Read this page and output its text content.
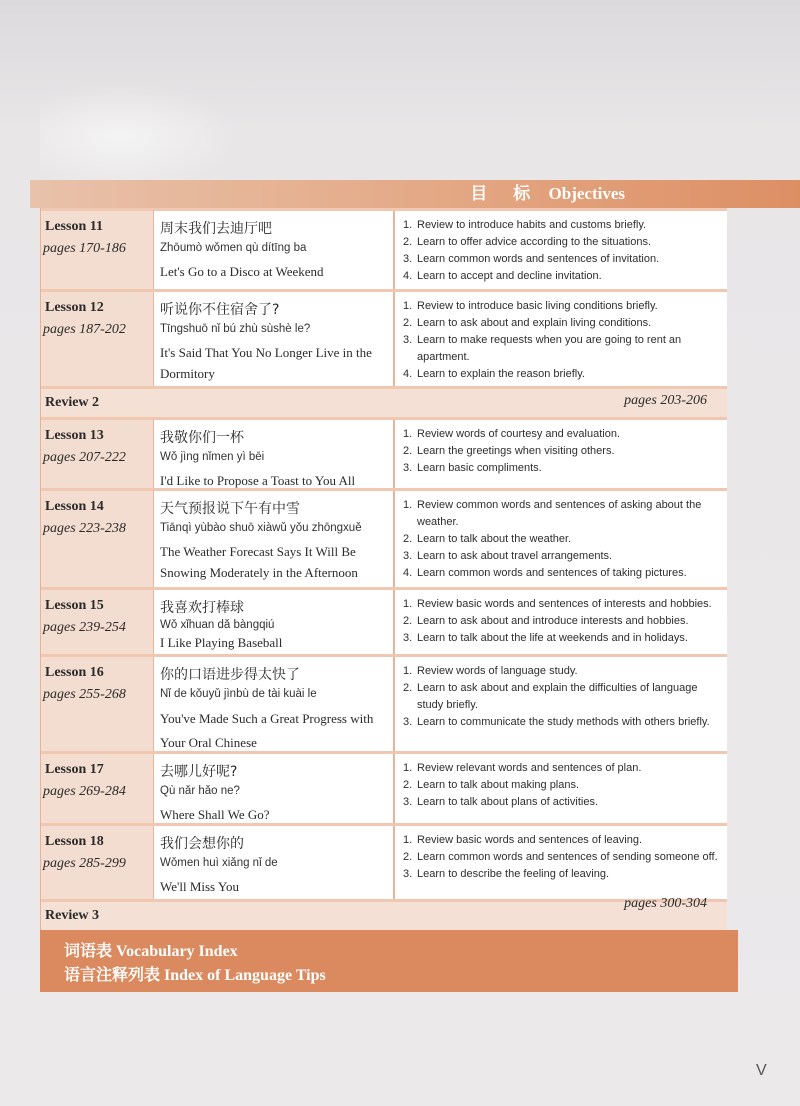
目 标 Objectives
Lesson 11
pages 170-186
周末我们去迪厅吧
Zhōumò wǒmen qù dítīng ba
Let's Go to a Disco at Weekend
1. Review to introduce habits and customs briefly.
2. Learn to offer advice according to the situations.
3. Learn common words and sentences of invitation.
4. Learn to accept and decline invitation.
Lesson 12
pages 187-202
听说你不住宿舍了?
Tīngshuō nǐ bú zhù sùshè le?
It's Said That You No Longer Live in the Dormitory
1. Review to introduce basic living conditions briefly.
2. Learn to ask about and explain living conditions.
3. Learn to make requests when you are going to rent an apartment.
4. Learn to explain the reason briefly.
Review 2	pages 203-206
Lesson 13
pages 207-222
我敬你们一杯
Wǒ jìng nǐmen yì bēi
I'd Like to Propose a Toast to You All
1. Review words of courtesy and evaluation.
2. Learn the greetings when visiting others.
3. Learn basic compliments.
Lesson 14
pages 223-238
天气预报说下午有中雪
Tiānqì yùbào shuō xiàwǔ yǒu zhōngxuě
The Weather Forecast Says It Will Be Snowing Moderately in the Afternoon
1. Review common words and sentences of asking about the weather.
2. Learn to talk about the weather.
3. Learn to ask about travel arrangements.
4. Learn common words and sentences of taking pictures.
Lesson 15
pages 239-254
我喜欢打棒球
Wǒ xǐhuan dǎ bàngqiú
I Like Playing Baseball
1. Review basic words and sentences of interests and hobbies.
2. Learn to ask about and introduce interests and hobbies.
3. Learn to talk about the life at weekends and in holidays.
Lesson 16
pages 255-268
你的口语进步得太快了
Nǐ de kǒuyǔ jìnbù de tài kuài le
You've Made Such a Great Progress with Your Oral Chinese
1. Review words of language study.
2. Learn to ask about and explain the difficulties of language study briefly.
3. Learn to communicate the study methods with others briefly.
Lesson 17
pages 269-284
去哪儿好呢?
Qù nǎr hǎo ne?
Where Shall We Go?
1. Review relevant words and sentences of plan.
2. Learn to talk about making plans.
3. Learn to talk about plans of activities.
Lesson 18
pages 285-299
我们会想你的
Wǒmen huì xiǎng nǐ de
We'll Miss You
1. Review basic words and sentences of leaving.
2. Learn common words and sentences of sending someone off.
3. Learn to describe the feeling of leaving.
Review 3
pages 300-304
词语表 Vocabulary Index
语言注释列表 Index of Language Tips
V
